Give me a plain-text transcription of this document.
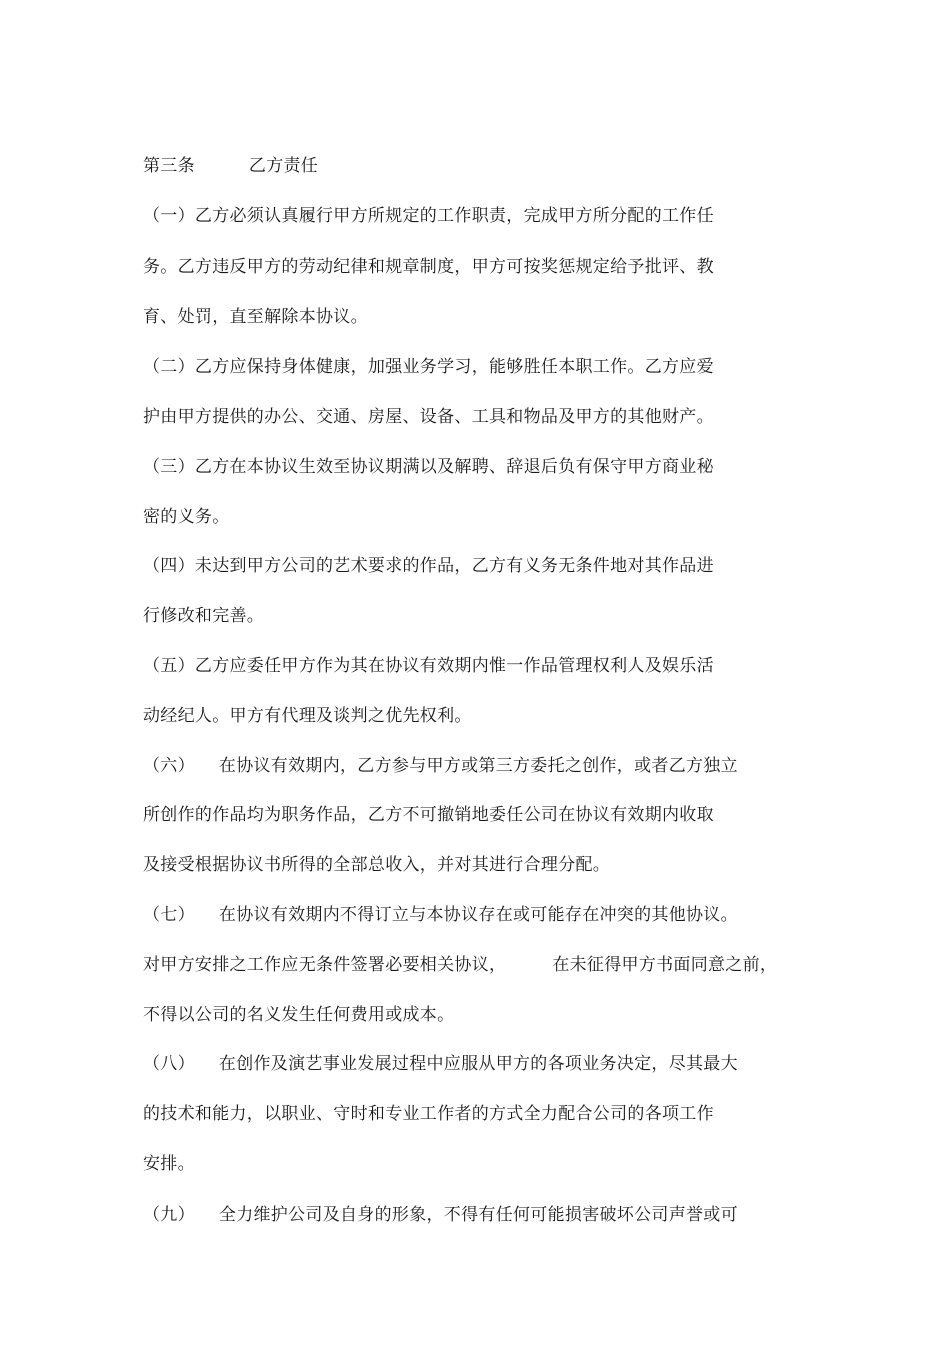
第三条	乙方责任
（一）乙方必须认真履行甲方所规定的工作职责，完成甲方所分配的工作任
务。乙方违反甲方的劳动纪律和规章制度，甲方可按奖惩规定给予批评、教
育、处罚，直至解除本协议。
（二）乙方应保持身体健康，加强业务学习，能够胜任本职工作。乙方应爱
护由甲方提供的办公、交通、房屋、设备、工具和物品及甲方的其他财产。
（三）乙方在本协议生效至协议期满以及解聘、辞退后负有保守甲方商业秘
密的义务。
（四）未达到甲方公司的艺术要求的作品，乙方有义务无条件地对其作品进
行修改和完善。
（五）乙方应委任甲方作为其在协议有效期内惟一作品管理权利人及娱乐活
动经纪人。甲方有代理及谈判之优先权利。
（六） 在协议有效期内，乙方参与甲方或第三方委托之创作，或者乙方独立
所创作的作品均为职务作品，乙方不可撤销地委任公司在协议有效期内收取
及接受根据协议书所得的全部总收入，并对其进行合理分配。
（七） 在协议有效期内不得订立与本协议存在或可能存在冲突的其他协议。
对甲方安排之工作应无条件签署必要相关协议，	在未征得甲方书面同意之前，
不得以公司的名义发生任何费用或成本。
（八） 在创作及演艺事业发展过程中应服从甲方的各项业务决定，尽其最大
的技术和能力，以职业、守时和专业工作者的方式全力配合公司的各项工作
安排。
（九） 全力维护公司及自身的形象，不得有任何可能损害破坏公司声誉或可
